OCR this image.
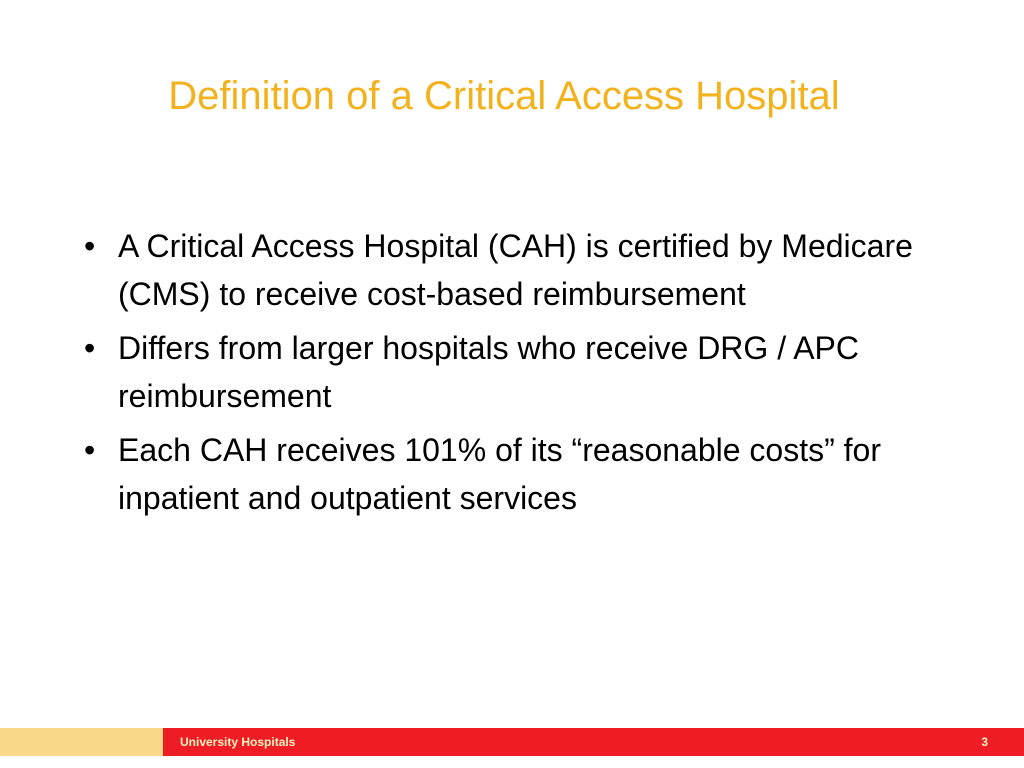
Definition of a Critical Access Hospital
• A Critical Access Hospital (CAH) is certified by Medicare (CMS) to receive cost-based reimbursement
• Differs from larger hospitals who receive DRG / APC reimbursement
• Each CAH receives 101% of its “reasonable costs” for inpatient and outpatient services
University Hospitals	3
